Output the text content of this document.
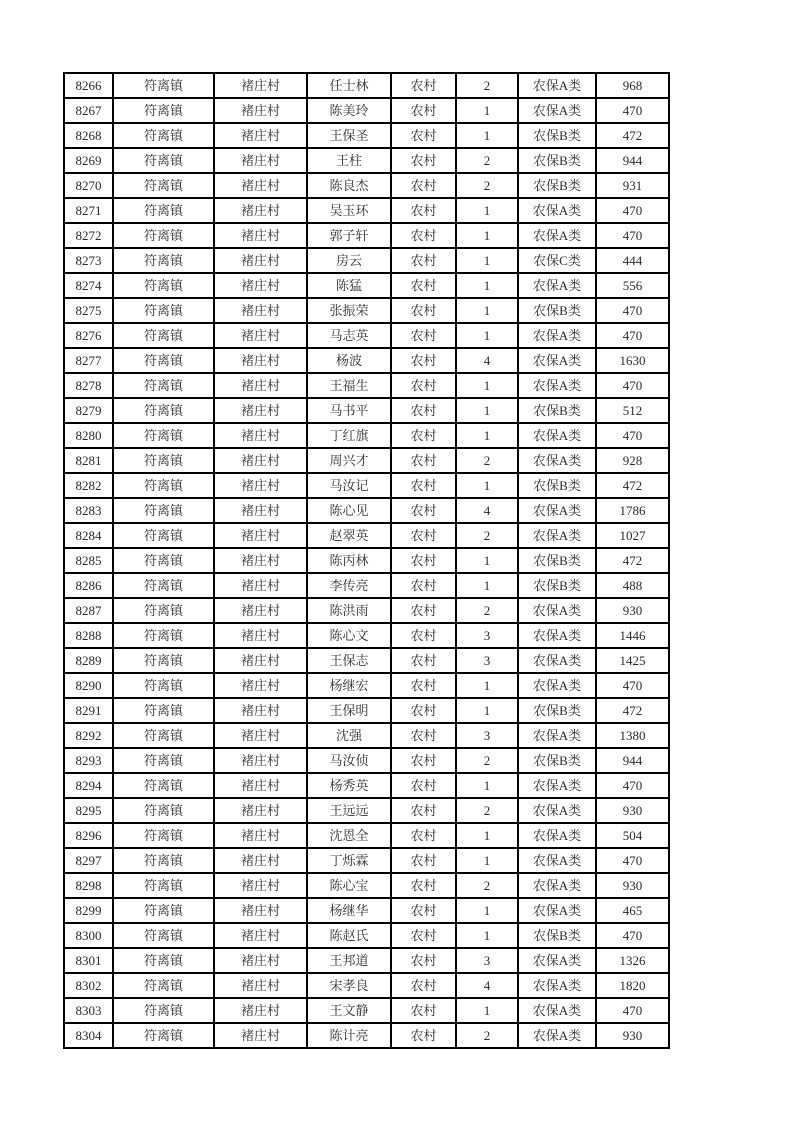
8266	符离镇	褚庄村	任士林	农村	2	农保A类	968
8267	符离镇	褚庄村	陈美玲	农村	1	农保A类	470
8268	符离镇	褚庄村	王保圣	农村	1	农保B类	472
8269	符离镇	褚庄村	王柱	农村	2	农保B类	944
8270	符离镇	褚庄村	陈良杰	农村	2	农保B类	931
8271	符离镇	褚庄村	吴玉环	农村	1	农保A类	470
8272	符离镇	褚庄村	郭子轩	农村	1	农保A类	470
8273	符离镇	褚庄村	房云	农村	1	农保C类	444
8274	符离镇	褚庄村	陈猛	农村	1	农保A类	556
8275	符离镇	褚庄村	张振荣	农村	1	农保B类	470
8276	符离镇	褚庄村	马志英	农村	1	农保A类	470
8277	符离镇	褚庄村	杨波	农村	4	农保A类	1630
8278	符离镇	褚庄村	王福生	农村	1	农保A类	470
8279	符离镇	褚庄村	马书平	农村	1	农保B类	512
8280	符离镇	褚庄村	丁红旗	农村	1	农保A类	470
8281	符离镇	褚庄村	周兴才	农村	2	农保A类	928
8282	符离镇	褚庄村	马汝记	农村	1	农保B类	472
8283	符离镇	褚庄村	陈心见	农村	4	农保A类	1786
8284	符离镇	褚庄村	赵翠英	农村	2	农保A类	1027
8285	符离镇	褚庄村	陈丙林	农村	1	农保B类	472
8286	符离镇	褚庄村	李传亮	农村	1	农保B类	488
8287	符离镇	褚庄村	陈洪雨	农村	2	农保A类	930
8288	符离镇	褚庄村	陈心文	农村	3	农保A类	1446
8289	符离镇	褚庄村	王保志	农村	3	农保A类	1425
8290	符离镇	褚庄村	杨继宏	农村	1	农保A类	470
8291	符离镇	褚庄村	王保明	农村	1	农保B类	472
8292	符离镇	褚庄村	沈强	农村	3	农保A类	1380
8293	符离镇	褚庄村	马汝侦	农村	2	农保B类	944
8294	符离镇	褚庄村	杨秀英	农村	1	农保A类	470
8295	符离镇	褚庄村	王远远	农村	2	农保A类	930
8296	符离镇	褚庄村	沈恩全	农村	1	农保A类	504
8297	符离镇	褚庄村	丁烁霖	农村	1	农保A类	470
8298	符离镇	褚庄村	陈心宝	农村	2	农保A类	930
8299	符离镇	褚庄村	杨继华	农村	1	农保A类	465
8300	符离镇	褚庄村	陈赵氏	农村	1	农保B类	470
8301	符离镇	褚庄村	王邦道	农村	3	农保A类	1326
8302	符离镇	褚庄村	宋孝良	农村	4	农保A类	1820
8303	符离镇	褚庄村	王文静	农村	1	农保A类	470
8304	符离镇	褚庄村	陈计亮	农村	2	农保A类	930
